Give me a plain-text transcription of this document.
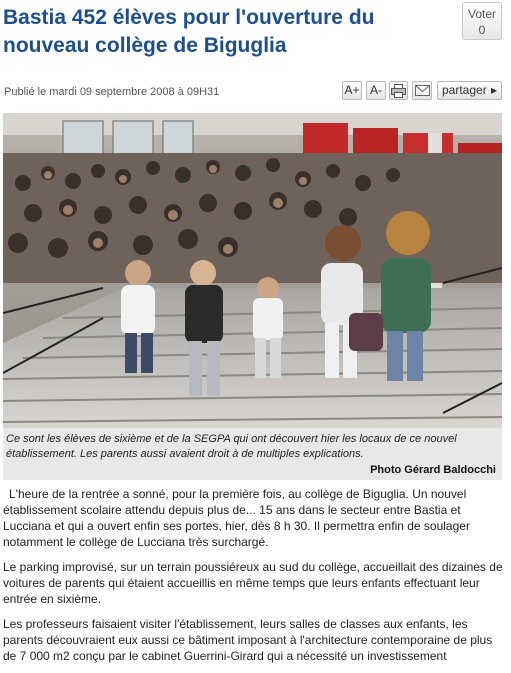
Bastia 452 élèves pour l'ouverture du nouveau collège de Biguglia
Voter
0
Publié le mardi 09 septembre 2008 à 09H31	A+ A-	partager ▸

Ce sont les élèves de sixième et de la SEGPA qui ont découvert hier les locaux de ce nouvel établissement. Les parents aussi avaient droit à de multiples explications.

Photo Gérard Baldocchi

L'heure de la rentrée a sonné, pour la première fois, au collège de Biguglia. Un nouvel établissement scolaire attendu depuis plus de... 15 ans dans le secteur entre Bastia et Lucciana et qui a ouvert enfin ses portes, hier, dès 8 h 30. Il permettra enfin de soulager notamment le collège de Lucciana très surchargé.

Le parking improvisé, sur un terrain poussiéreux au sud du collège, accueillait des dizaines de voitures de parents qui étaient accueillis en même temps que leurs enfants effectuant leur entrée en sixième.

Les professeurs faisaient visiter l'établissement, leurs salles de classes aux enfants, les parents découvraient eux aussi ce bâtiment imposant à l'architecture contemporaine de plus de 7 000 m2 conçu par le cabinet Guerrini-Girard qui a nécessité un investissement
